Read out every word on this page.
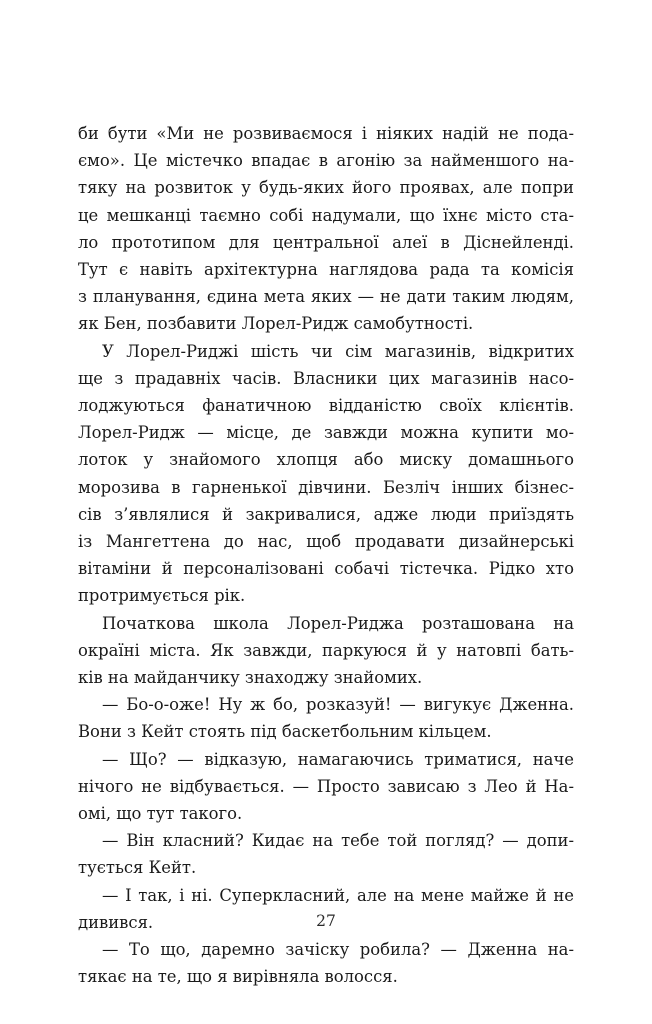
би бути «Ми не розвиваємося і ніяких надій не пода-
ємо». Це містечко впадає в агонію за найменшого на-
тяку на розвиток у будь-яких його проявах, але попри
це мешканці таємно собі надумали, що їхнє місто ста-
ло прототипом для центральної алеї в Діснейленді.
Тут є навіть архітектурна наглядова рада та комісія
з планування, єдина мета яких — не дати таким людям,
як Бен, позбавити Лорел-Ридж самобутності.
У Лорел-Риджі шість чи сім магазинів, відкритих
ще з прадавніх часів. Власники цих магазинів насо-
лоджуються фанатичною відданістю своїх клієнтів.
Лорел-Ридж — місце, де завжди можна купити мо-
лоток у знайомого хлопця або миску домашнього
морозива в гарненької дівчини. Безліч інших бізнес-
сів з’являлися й закривалися, адже люди приїздять
із Мангеттена до нас, щоб продавати дизайнерські
вітаміни й персоналізовані собачі тістечка. Рідко хто
протримується рік.
Початкова школа Лорел-Риджа розташована на
окраїні міста. Як завжди, паркуюся й у натовпі бать-
ків на майданчику знаходжу знайомих.
— Бо-о-оже! Ну ж бо, розказуй! — вигукує Дженна.
Вони з Кейт стоять під баскетбольним кільцем.
— Що? — відказую, намагаючись триматися, наче
нічого не відбувається. — Просто зависаю з Лео й На-
омі, що тут такого.
— Він класний? Кидає на тебе той погляд? — допи-
тується Кейт.
— І так, і ні. Суперкласний, але на мене майже й не
дивився.
— То що, даремно зачіску робила? — Дженна на-
тякає на те, що я вирівняла волосся.
27
